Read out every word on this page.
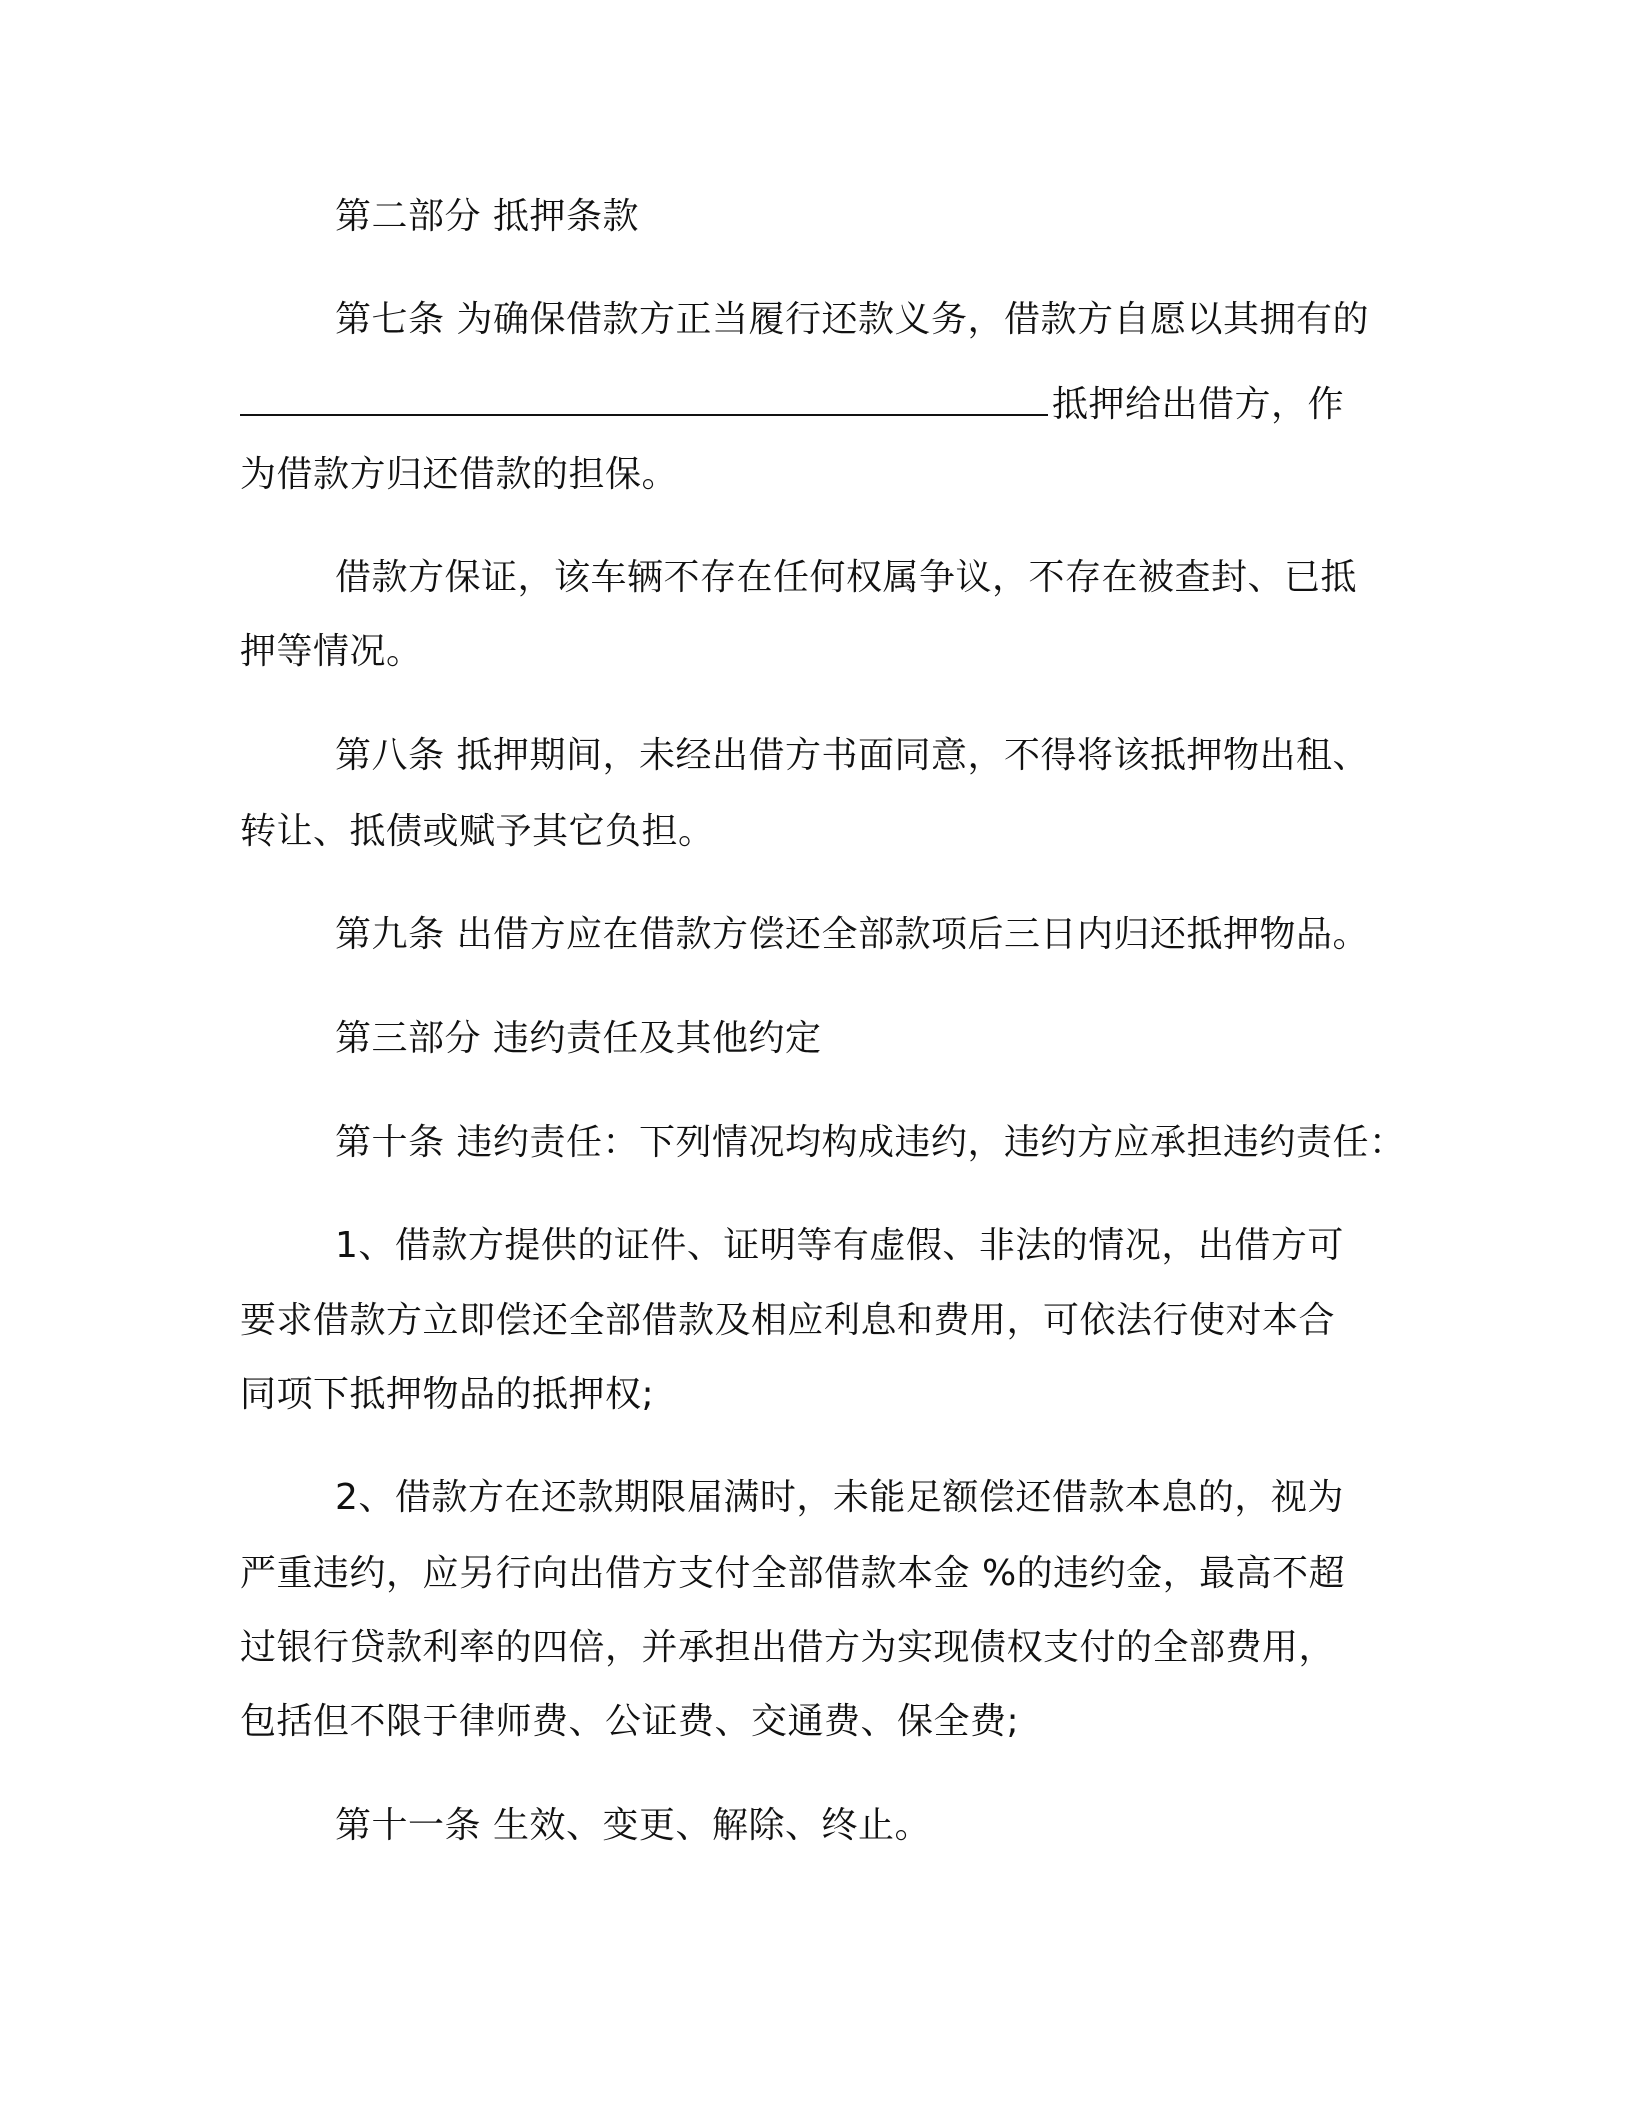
第二部分 抵押条款
第七条 为确保借款方正当履行还款义务，借款方自愿以其拥有的
抵押给出借方，作
为借款方归还借款的担保。
借款方保证，该车辆不存在任何权属争议，不存在被查封、已抵
押等情况。
第八条 抵押期间，未经出借方书面同意，不得将该抵押物出租、
转让、抵债或赋予其它负担。
第九条 出借方应在借款方偿还全部款项后三日内归还抵押物品。
第三部分 违约责任及其他约定
第十条 违约责任：下列情况均构成违约，违约方应承担违约责任：
1、借款方提供的证件、证明等有虚假、非法的情况，出借方可
要求借款方立即偿还全部借款及相应利息和费用，可依法行使对本合
同项下抵押物品的抵押权;
2、借款方在还款期限届满时，未能足额偿还借款本息的，视为
严重违约，应另行向出借方支付全部借款本金 %的违约金，最高不超
过银行贷款利率的四倍，并承担出借方为实现债权支付的全部费用，
包括但不限于律师费、公证费、交通费、保全费;
第十一条 生效、变更、解除、终止。
